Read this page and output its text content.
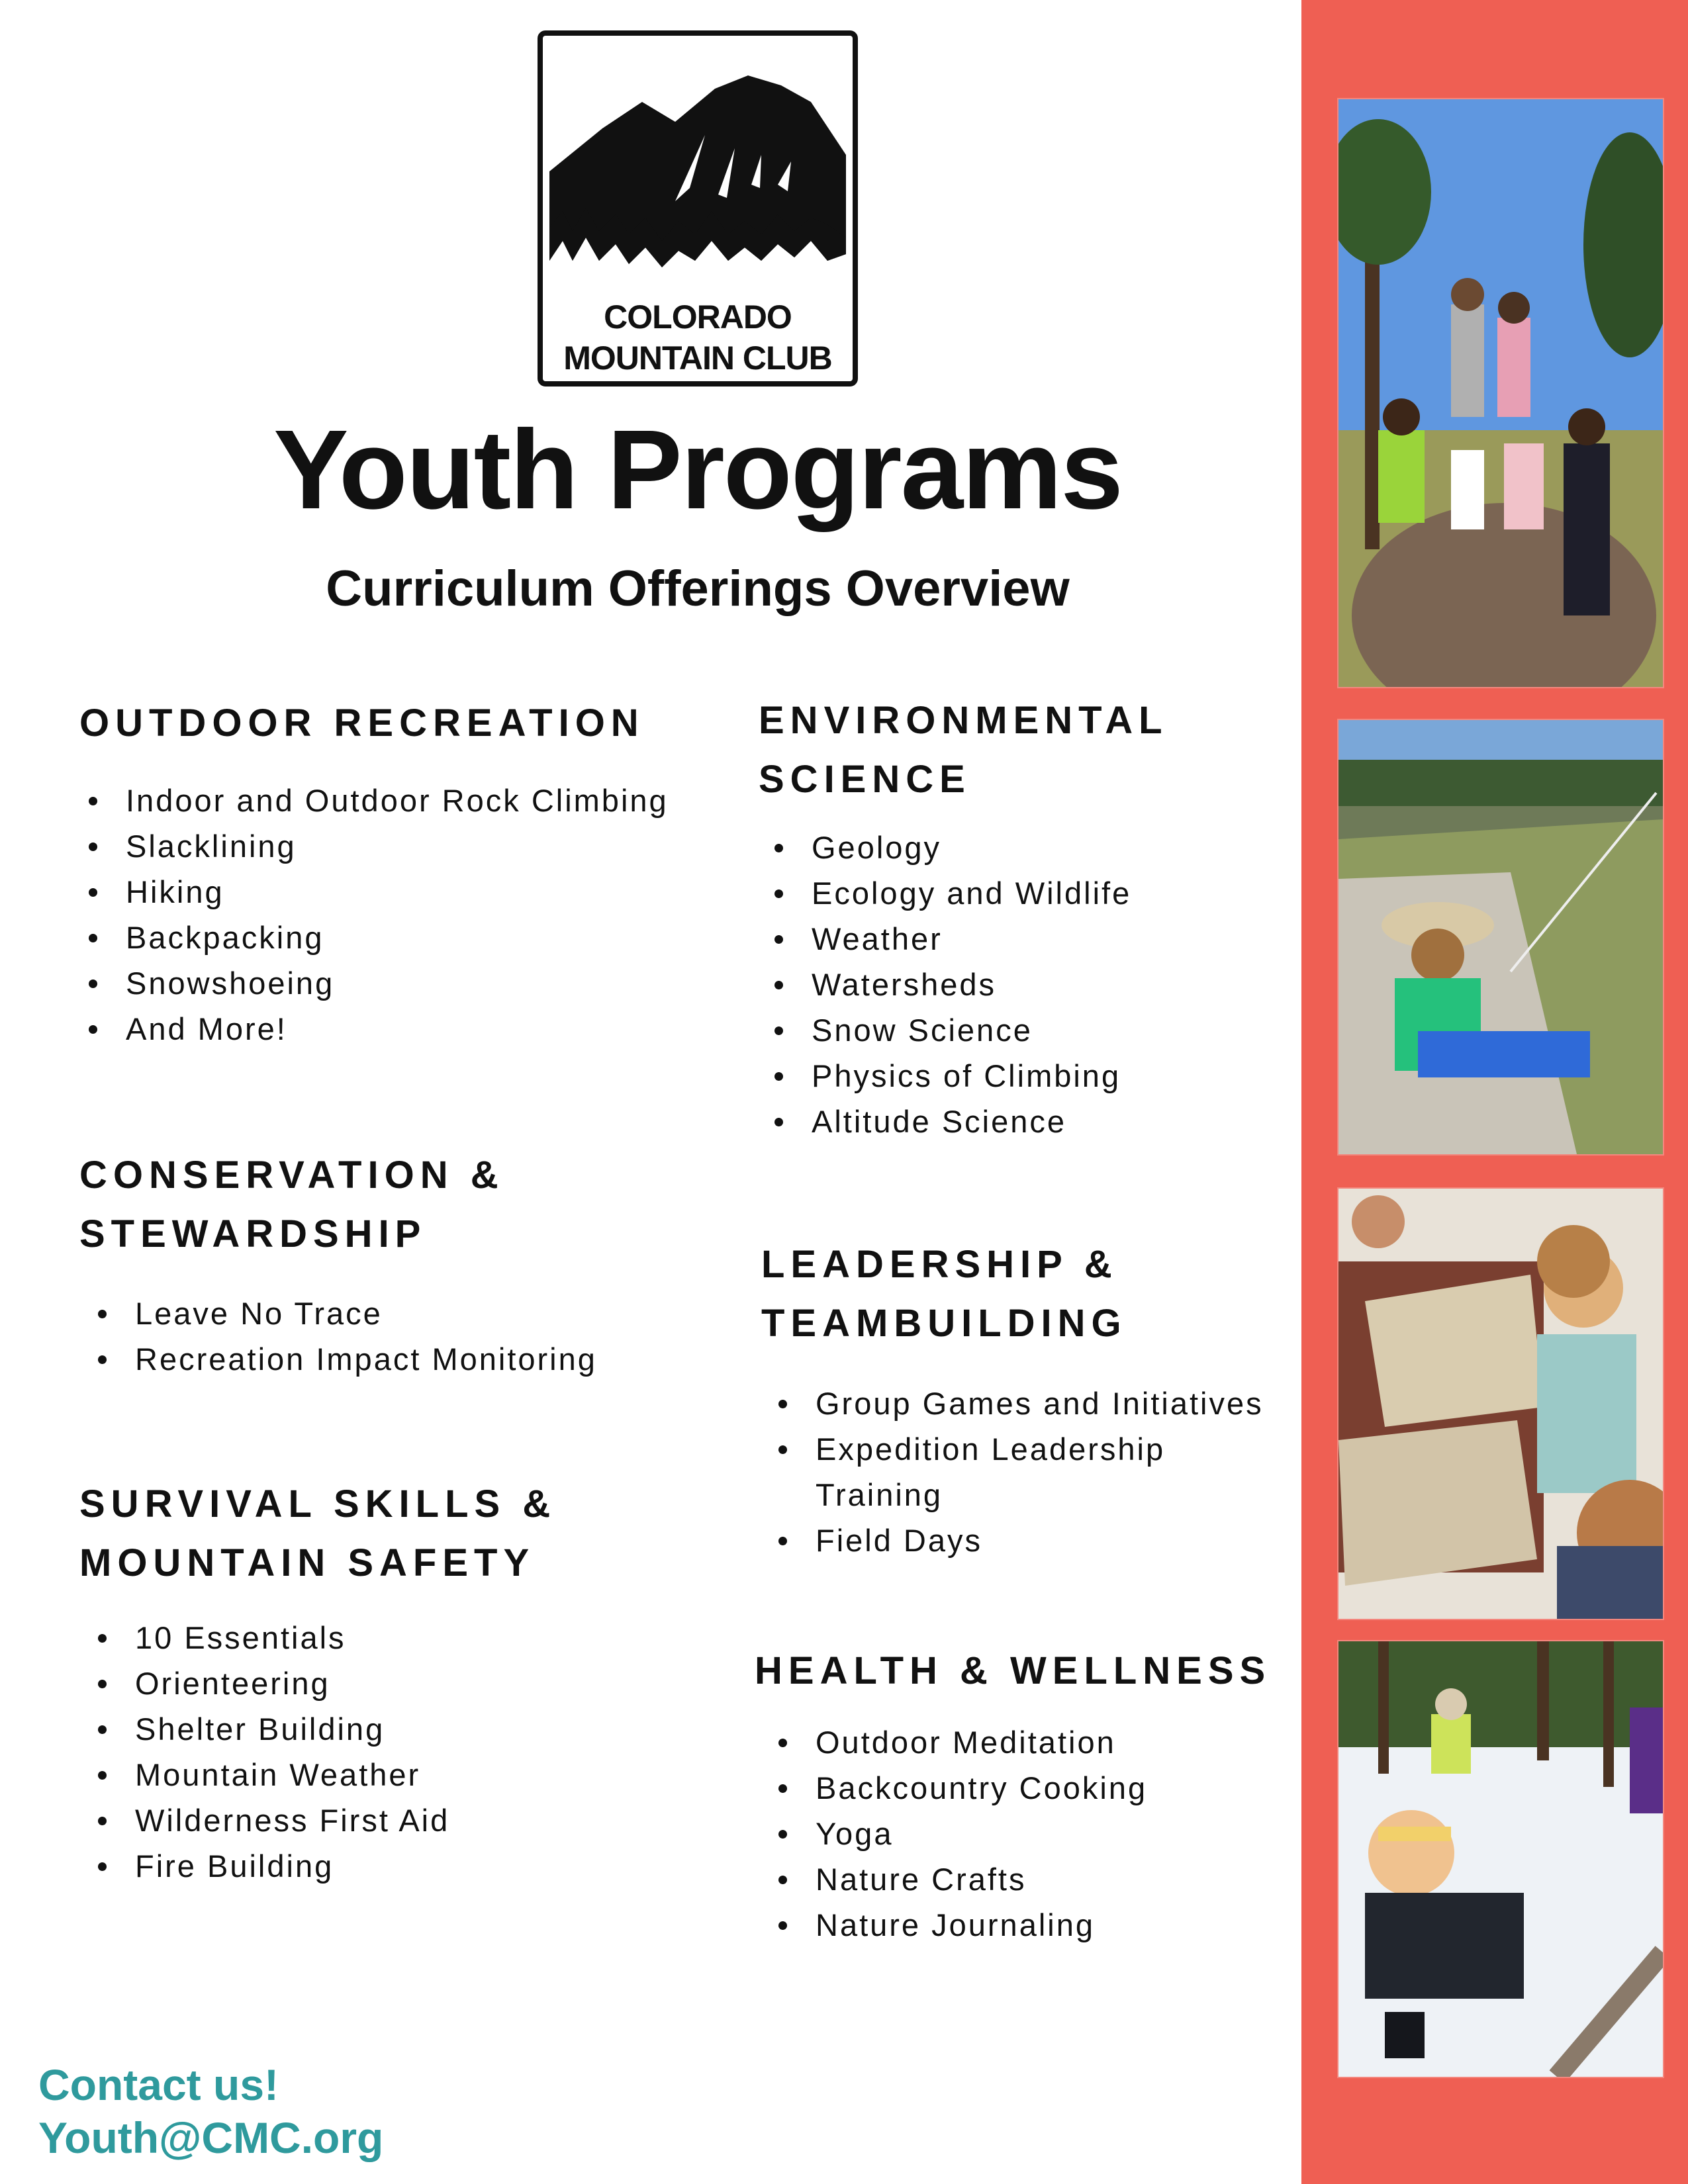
COLORADO
MOUNTAIN CLUB
Youth Programs
Curriculum Offerings Overview
OUTDOOR RECREATION
Indoor and Outdoor Rock Climbing
Slacklining
Hiking
Backpacking
Snowshoeing
And More!
ENVIRONMENTAL
SCIENCE
Geology
Ecology and Wildlife
Weather
Watersheds
Snow Science
Physics of Climbing
Altitude Science
CONSERVATION &
STEWARDSHIP
Leave No Trace
Recreation Impact Monitoring
LEADERSHIP &
TEAMBUILDING
Group Games and Initiatives
Expedition Leadership Training
Field Days
SURVIVAL SKILLS &
MOUNTAIN SAFETY
10 Essentials
Orienteering
Shelter Building
Mountain Weather
Wilderness First Aid
Fire Building
HEALTH & WELLNESS
Outdoor Meditation
Backcountry Cooking
Yoga
Nature Crafts
Nature Journaling
Contact us!
Youth@CMC.org
